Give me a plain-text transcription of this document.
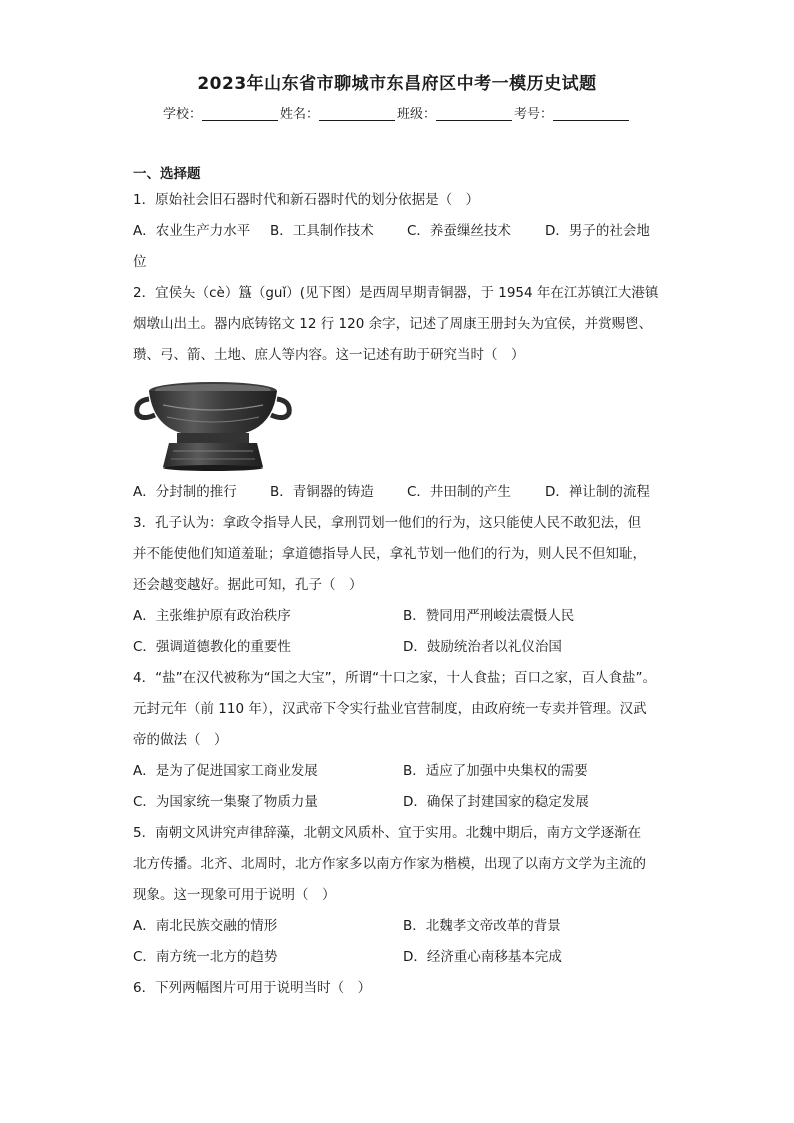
2023年山东省市聊城市东昌府区中考一模历史试题
学校：	姓名：	班级：	考号：
一、选择题
1．原始社会旧石器时代和新石器时代的划分依据是（　）
A．农业生产力水平	B．工具制作技术	C．养蚕缫丝技术	D．男子的社会地
位
2．宜侯夨（cè）簋（guǐ）(见下图）是西周早期青铜器，于 1954 年在江苏镇江大港镇
烟墩山出土。器内底铸铭文 12 行 120 余字，记述了周康王册封夨为宜侯，并赏赐鬯、
瓒、弓、箭、土地、庶人等内容。这一记述有助于研究当时（　）
A．分封制的推行	B．青铜器的铸造	C．井田制的产生	D．禅让制的流程
3．孔子认为：拿政令指导人民，拿刑罚划一他们的行为，这只能使人民不敢犯法，但
并不能使他们知道羞耻；拿道德指导人民，拿礼节划一他们的行为，则人民不但知耻，
还会越变越好。据此可知，孔子（　）
A．主张维护原有政治秩序	B．赞同用严刑峻法震慑人民
C．强调道德教化的重要性	D．鼓励统治者以礼仪治国
4．“盐”在汉代被称为“国之大宝”，所谓“十口之家，十人食盐；百口之家，百人食盐”。
元封元年（前 110 年），汉武帝下令实行盐业官营制度，由政府统一专卖并管理。汉武
帝的做法（　）
A．是为了促进国家工商业发展	B．适应了加强中央集权的需要
C．为国家统一集聚了物质力量	D．确保了封建国家的稳定发展
5．南朝文风讲究声律辞藻，北朝文风质朴、宜于实用。北魏中期后，南方文学逐渐在
北方传播。北齐、北周时，北方作家多以南方作家为楷模，出现了以南方文学为主流的
现象。这一现象可用于说明（　）
A．南北民族交融的情形	B．北魏孝文帝改革的背景
C．南方统一北方的趋势	D．经济重心南移基本完成
6．下列两幅图片可用于说明当时（　）
